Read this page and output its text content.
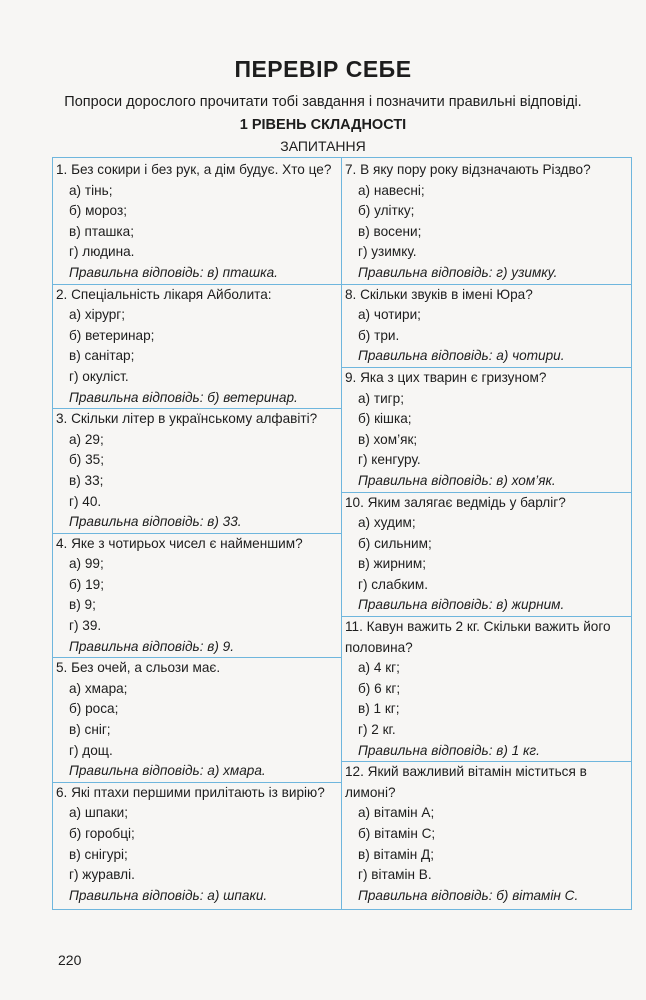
ПЕРЕВІР СЕБЕ
Попроси дорослого прочитати тобі завдання і позначити правильні відповіді.
1 РІВЕНЬ СКЛАДНОСТІ
ЗАПИТАННЯ
1. Без сокири і без рук, а дім будує. Хто це?
а) тінь;
б) мороз;
в) пташка;
г) людина.
Правильна відповідь: в) пташка.
2. Спеціальність лікаря Айболита:
а) хірург;
б) ветеринар;
в) санітар;
г) окуліст.
Правильна відповідь: б) ветеринар.
3. Скільки літер в українському алфавіті?
а) 29;
б) 35;
в) 33;
г) 40.
Правильна відповідь: в) 33.
4. Яке з чотирьох чисел є найменшим?
а) 99;
б) 19;
в) 9;
г) 39.
Правильна відповідь: в) 9.
5. Без очей, а сльози має.
а) хмара;
б) роса;
в) сніг;
г) дощ.
Правильна відповідь: а) хмара.
6. Які птахи першими прилітають із вирію?
а) шпаки;
б) горобці;
в) снігурі;
г) журавлі.
Правильна відповідь: а) шпаки.
7. В яку пору року відзначають Різдво?
а) навесні;
б) улітку;
в) восени;
г) узимку.
Правильна відповідь: г) узимку.
8. Скільки звуків в імені Юра?
а) чотири;
б) три.
Правильна відповідь: а) чотири.
9. Яка з цих тварин є гризуном?
а) тигр;
б) кішка;
в) хом’як;
г) кенгуру.
Правильна відповідь: в) хом’як.
10. Яким залягає ведмідь у барліг?
а) худим;
б) сильним;
в) жирним;
г) слабким.
Правильна відповідь: в) жирним.
11. Кавун важить 2 кг. Скільки важить його половина?
а) 4 кг;
б) 6 кг;
в) 1 кг;
г) 2 кг.
Правильна відповідь: в) 1 кг.
12. Який важливий вітамін міститься в лимоні?
а) вітамін А;
б) вітамін С;
в) вітамін Д;
г) вітамін В.
Правильна відповідь: б) вітамін С.
220
